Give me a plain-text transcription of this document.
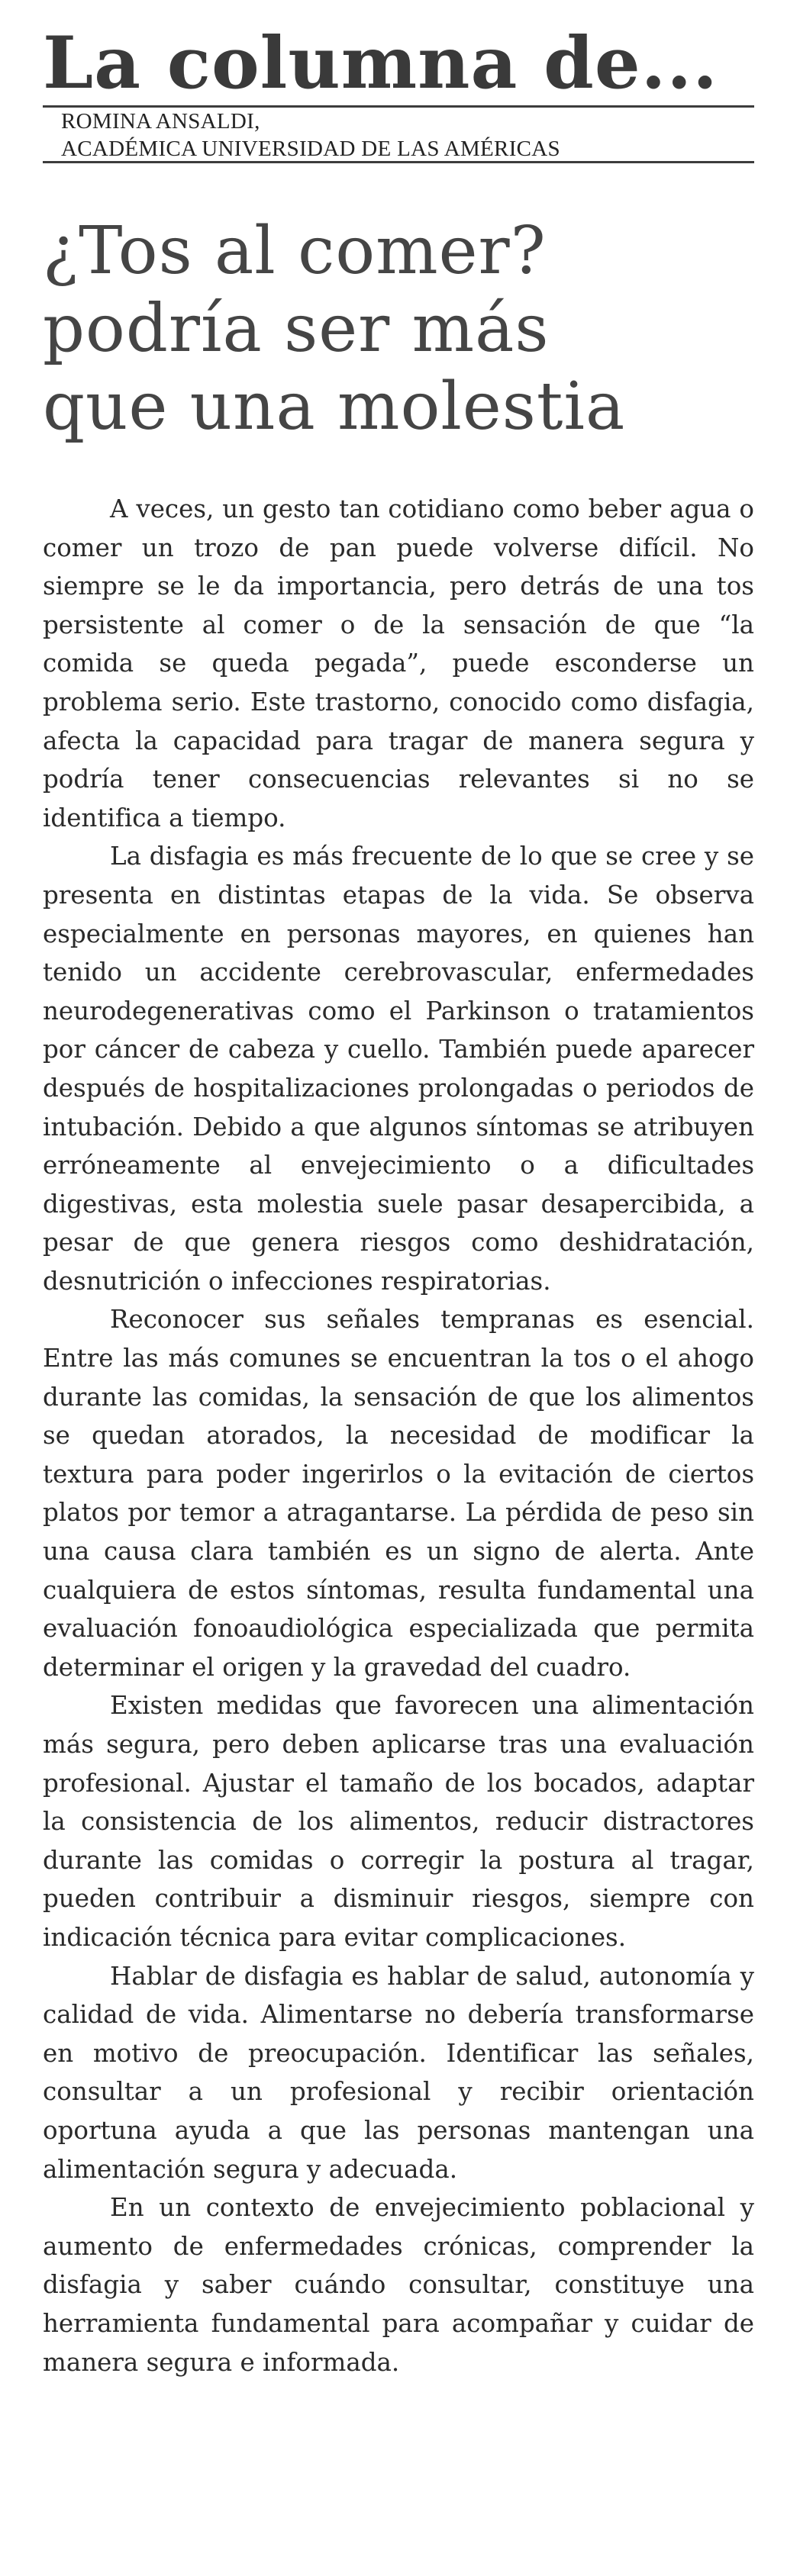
La columna de...
ROMINA ANSALDI,
ACADÉMICA UNIVERSIDAD DE LAS AMÉRICAS
¿Tos al comer?
podría ser más
que una molestia

A veces, un gesto tan cotidiano como beber agua o comer un trozo de pan puede volverse difícil. No siempre se le da importancia, pero detrás de una tos persistente al comer o de la sensación de que “la comida se queda pegada”, puede esconderse un problema serio. Este trastorno, conocido como disfagia, afecta la capacidad para tragar de manera segura y podría tener consecuencias relevantes si no se identifica a tiempo.

La disfagia es más frecuente de lo que se cree y se presenta en distintas etapas de la vida. Se observa especialmente en personas mayores, en quienes han tenido un accidente cerebrovascular, enfermedades neurodegenerativas como el Parkinson o tratamientos por cáncer de cabeza y cuello. También puede aparecer después de hospitalizaciones prolongadas o periodos de intubación. Debido a que algunos síntomas se atribuyen erróneamente al envejecimiento o a dificultades digestivas, esta molestia suele pasar desapercibida, a pesar de que genera riesgos como deshidratación, desnutrición o infecciones respiratorias.

Reconocer sus señales tempranas es esencial. Entre las más comunes se encuentran la tos o el ahogo durante las comidas, la sensación de que los alimentos se quedan atorados, la necesidad de modificar la textura para poder ingerirlos o la evitación de ciertos platos por temor a atragantarse. La pérdida de peso sin una causa clara también es un signo de alerta. Ante cualquiera de estos síntomas, resulta fundamental una evaluación fonoaudiológica especializada que permita determinar el origen y la gravedad del cuadro.

Existen medidas que favorecen una alimentación más segura, pero deben aplicarse tras una evaluación profesional. Ajustar el tamaño de los bocados, adaptar la consistencia de los alimentos, reducir distractores durante las comidas o corregir la postura al tragar, pueden contribuir a disminuir riesgos, siempre con indicación técnica para evitar complicaciones.

Hablar de disfagia es hablar de salud, autonomía y calidad de vida. Alimentarse no debería transformarse en motivo de preocupación. Identificar las señales, consultar a un profesional y recibir orientación oportuna ayuda a que las personas mantengan una alimentación segura y adecuada.

En un contexto de envejecimiento poblacional y aumento de enfermedades crónicas, comprender la disfagia y saber cuándo consultar, constituye una herramienta fundamental para acompañar y cuidar de manera segura e informada.
